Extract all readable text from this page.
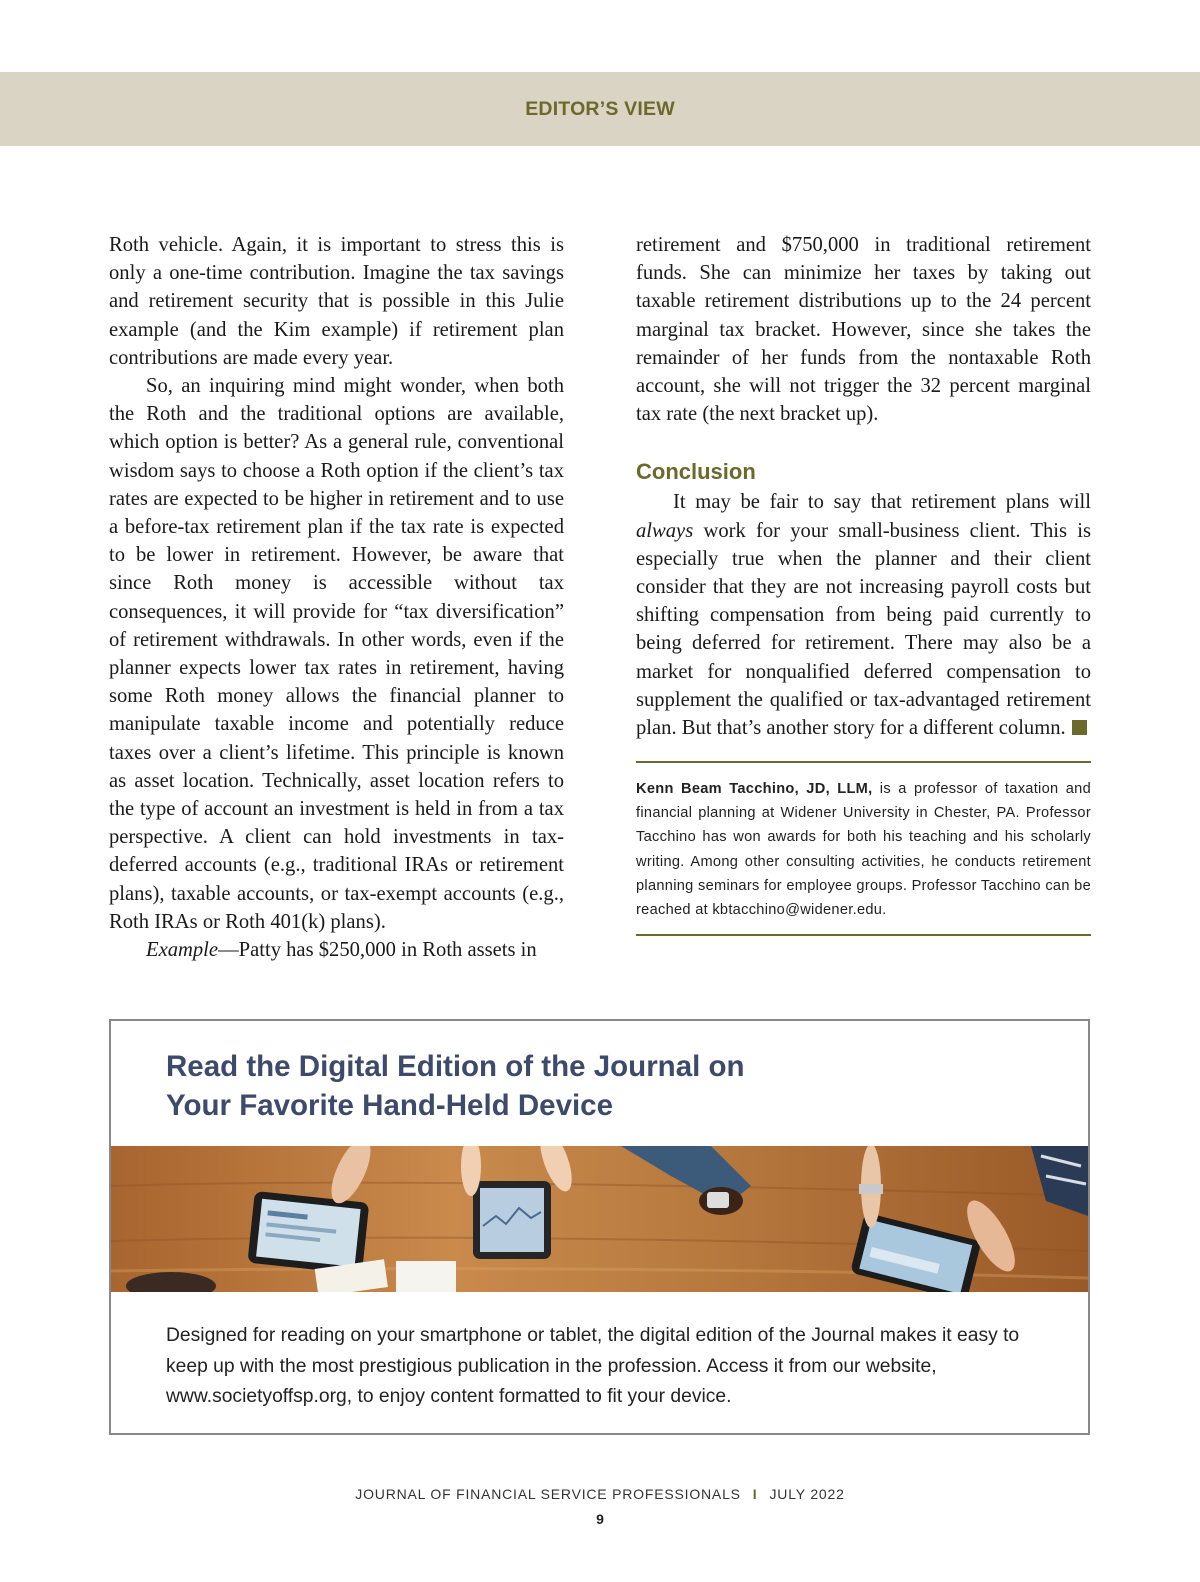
EDITOR’S VIEW

Roth vehicle. Again, it is important to stress this is only a one-time contribution. Imagine the tax savings and retirement security that is possible in this Julie example (and the Kim example) if retirement plan contributions are made every year.

So, an inquiring mind might wonder, when both the Roth and the traditional options are available, which option is better? As a general rule, conventional wisdom says to choose a Roth option if the client’s tax rates are expected to be higher in retirement and to use a before-tax retirement plan if the tax rate is expected to be lower in retirement. However, be aware that since Roth money is accessible without tax consequences, it will provide for “tax diversification” of retirement withdrawals. In other words, even if the planner expects lower tax rates in retirement, having some Roth money allows the financial planner to manipulate taxable income and potentially reduce taxes over a client’s lifetime. This principle is known as asset location. Technically, asset location refers to the type of account an investment is held in from a tax perspective. A client can hold investments in tax-deferred accounts (e.g., traditional IRAs or retirement plans), taxable accounts, or tax-exempt accounts (e.g., Roth IRAs or Roth 401(k) plans).

Example—Patty has $250,000 in Roth assets in

retirement and $750,000 in traditional retirement funds. She can minimize her taxes by taking out taxable retirement distributions up to the 24 percent marginal tax bracket. However, since she takes the remainder of her funds from the nontaxable Roth account, she will not trigger the 32 percent marginal tax rate (the next bracket up).

Conclusion

It may be fair to say that retirement plans will always work for your small-business client. This is especially true when the planner and their client consider that they are not increasing payroll costs but shifting compensation from being paid currently to being deferred for retirement. There may also be a market for nonqualified deferred compensation to supplement the qualified or tax-advantaged retirement plan. But that’s another story for a different column.

Kenn Beam Tacchino, JD, LLM, is a professor of taxation and financial planning at Widener University in Chester, PA. Professor Tacchino has won awards for both his teaching and his scholarly writing. Among other consulting activities, he conducts retirement planning seminars for employee groups. Professor Tacchino can be reached at kbtacchino@widener.edu.
Read the Digital Edition of the Journal on
Your Favorite Hand-Held Device
Designed for reading on your smartphone or tablet, the digital edition of the Journal makes it easy to keep up with the most prestigious publication in the profession. Access it from our website, www.societyoffsp.org, to enjoy content formatted to fit your device.
JOURNAL OF FINANCIAL SERVICE PROFESSIONALS I JULY 2022
9
